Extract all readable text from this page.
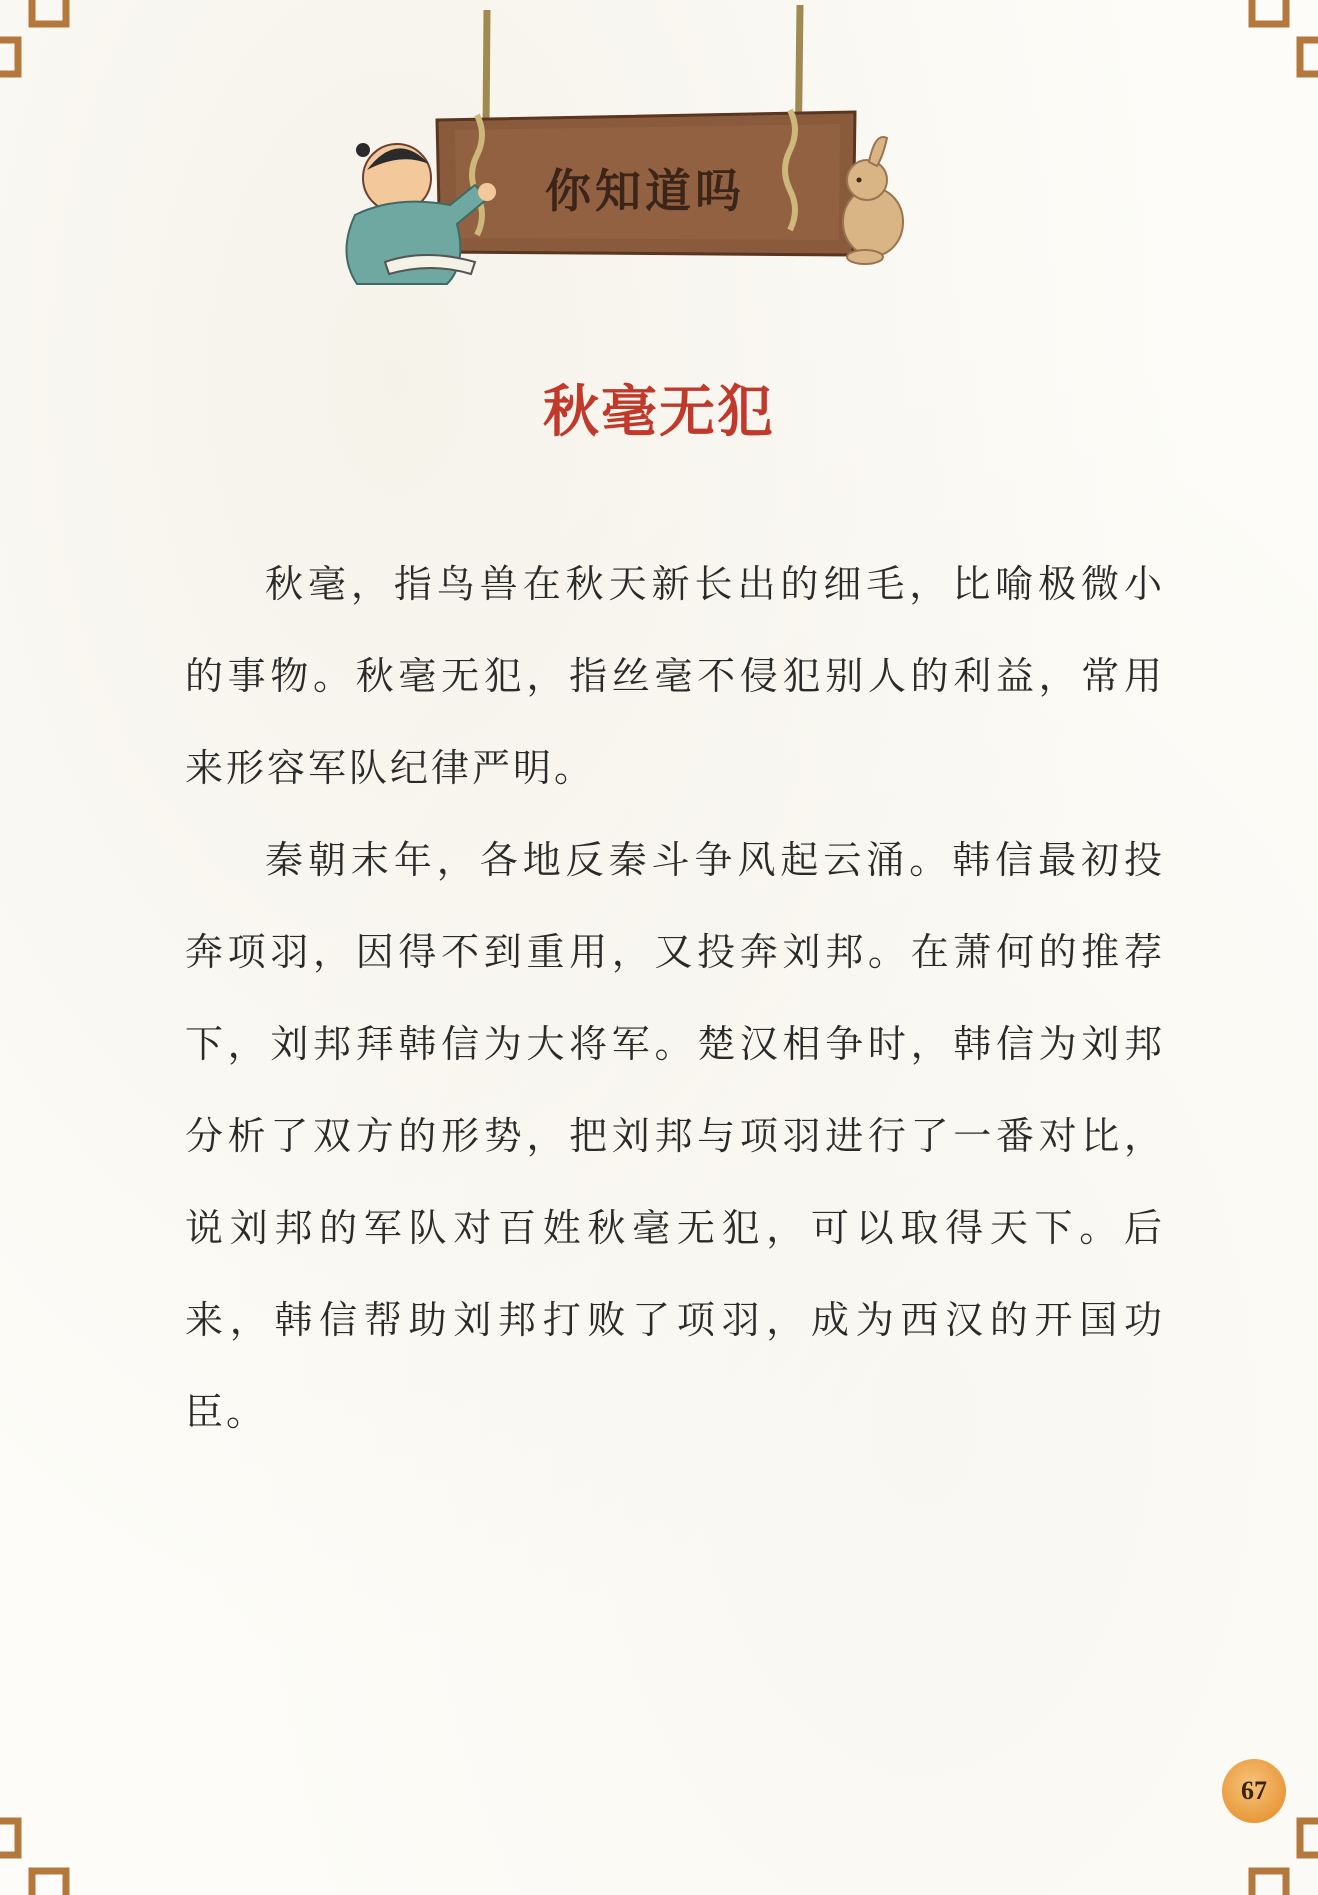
你知道吗
秋毫无犯

秋毫，指鸟兽在秋天新长出的细毛，比喻极微小的事物。秋毫无犯，指丝毫不侵犯别人的利益，常用来形容军队纪律严明。

秦朝末年，各地反秦斗争风起云涌。韩信最初投奔项羽，因得不到重用，又投奔刘邦。在萧何的推荐下，刘邦拜韩信为大将军。楚汉相争时，韩信为刘邦分析了双方的形势，把刘邦与项羽进行了一番对比，说刘邦的军队对百姓秋毫无犯，可以取得天下。后来，韩信帮助刘邦打败了项羽，成为西汉的开国功臣。

67
